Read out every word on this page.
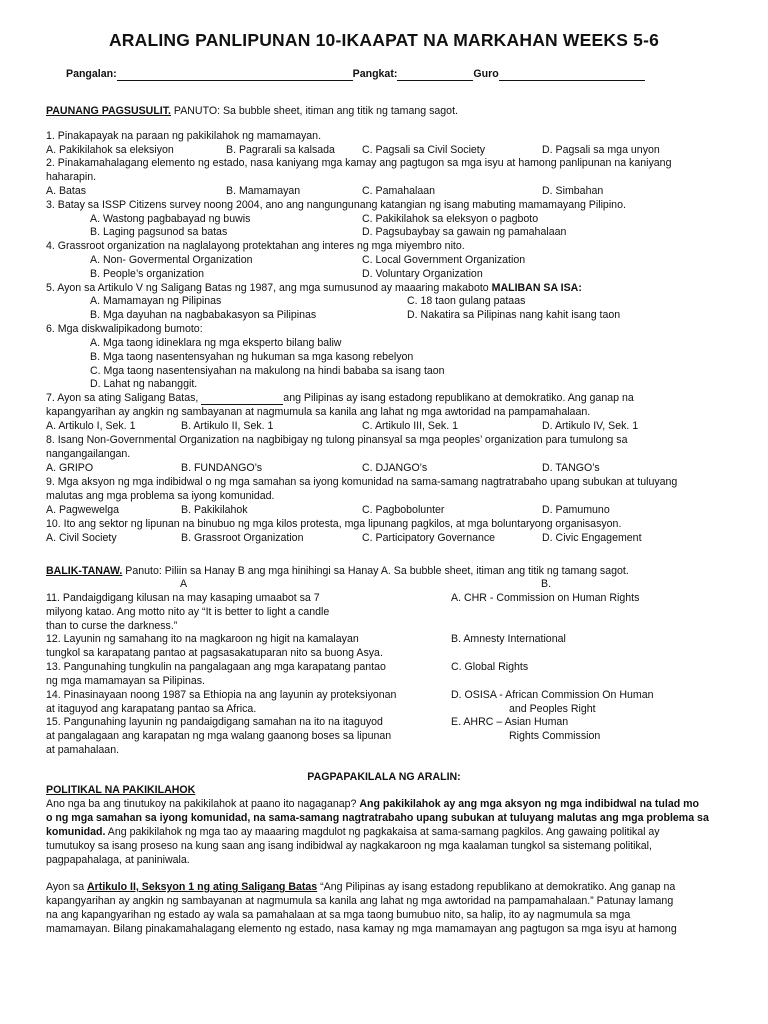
ARALING PANLIPUNAN 10-IKAAPAT NA MARKAHAN WEEKS 5-6
Pangalan:	Pangkat:	Guro
PAUNANG PAGSUSULIT. PANUTO: Sa bubble sheet, itiman ang titik ng tamang sagot.
1. Pinakapayak na paraan ng pakikilahok ng mamamayan.
A. Pakikilahok sa eleksiyon	B. Pagrarali sa kalsada	C. Pagsali sa Civil Society	D. Pagsali sa mga unyon
2. Pinakamahalagang elemento ng estado, nasa kaniyang mga kamay ang pagtugon sa mga isyu at hamong panlipunan na kaniyang
haharapin.
A. Batas	B. Mamamayan	C. Pamahalaan	D. Simbahan
3. Batay sa ISSP Citizens survey noong 2004, ano ang nangungunang katangian ng isang mabuting mamamayang Pilipino.
A. Wastong pagbabayad ng buwis	C. Pakikilahok sa eleksyon o pagboto
B. Laging pagsunod sa batas	D. Pagsubaybay sa gawain ng pamahalaan
4. Grassroot organization na naglalayong protektahan ang interes ng mga miyembro nito.
A. Non- Govermental Organization	C. Local Government Organization
B. People’s organization	D. Voluntary Organization
5. Ayon sa Artikulo V ng Saligang Batas ng 1987, ang mga sumusunod ay maaaring makaboto MALIBAN SA ISA:
A. Mamamayan ng Pilipinas	C. 18 taon gulang pataas
B. Mga dayuhan na nagbabakasyon sa Pilipinas	D. Nakatira sa Pilipinas nang kahit isang taon
6. Mga diskwalipikadong bumoto:
A. Mga taong idineklara ng mga eksperto bilang baliw
B. Mga taong nasentensyahan ng hukuman sa mga kasong rebelyon
C. Mga taong nasentensiyahan na makulong na hindi bababa sa isang taon
D. Lahat ng nabanggit.
7. Ayon sa ating Saligang Batas,	ang Pilipinas ay isang estadong republikano at demokratiko. Ang ganap na
kapangyarihan ay angkin ng sambayanan at nagmumula sa kanila ang lahat ng mga awtoridad na pampamahalaan.
A. Artikulo I, Sek. 1	B. Artikulo II, Sek. 1	C. Artikulo III, Sek. 1	D. Artikulo IV, Sek. 1
8. Isang Non-Governmental Organization na nagbibigay ng tulong pinansyal sa mga peoples’ organization para tumulong sa
nangangailangan.
A. GRIPO	B. FUNDANGO’s	C. DJANGO’s	D. TANGO’s
9. Mga aksyon ng mga indibidwal o ng mga samahan sa iyong komunidad na sama-samang nagtratrabaho upang subukan at tuluyang
malutas ang mga problema sa iyong komunidad.
A. Pagwewelga	B. Pakikilahok	C. Pagbobolunter	D. Pamumuno
10. Ito ang sektor ng lipunan na binubuo ng mga kilos protesta, mga lipunang pagkilos, at mga boluntaryong organisasyon.
A. Civil Society	B. Grassroot Organization	C. Participatory Governance	D. Civic Engagement
BALIK-TANAW. Panuto: Piliin sa Hanay B ang mga hinihingi sa Hanay A. Sa bubble sheet, itiman ang titik ng tamang sagot.
A	B.
11. Pandaigdigang kilusan na may kasaping umaabot sa 7
milyong katao. Ang motto nito ay “It is better to light a candle
than to curse the darkness.”
A. CHR - Commission on Human Rights
12. Layunin ng samahang ito na magkaroon ng higit na kamalayan
tungkol sa karapatang pantao at pagsasakatuparan nito sa buong Asya.
B. Amnesty International
13. Pangunahing tungkulin na pangalagaan ang mga karapatang pantao
ng mga mamamayan sa Pilipinas.
C. Global Rights
14. Pinasinayaan noong 1987 sa Ethiopia na ang layunin ay proteksiyonan
at itaguyod ang karapatang pantao sa Africa.
D. OSISA - African Commission On Human
and Peoples Right
15. Pangunahing layunin ng pandaigdigang samahan na ito na itaguyod
at pangalagaan ang karapatan ng mga walang gaanong boses sa lipunan
at pamahalaan.
E. AHRC – Asian Human
Rights Commission
PAGPAPAKILALA NG ARALIN:
POLITIKAL NA PAKIKILAHOK
Ano nga ba ang tinutukoy na pakikilahok at paano ito nagaganap? Ang pakikilahok ay ang mga aksyon ng mga indibidwal na tulad mo
o ng mga samahan sa iyong komunidad, na sama-samang nagtratrabaho upang subukan at tuluyang malutas ang mga problema sa
komunidad. Ang pakikilahok ng mga tao ay maaaring magdulot ng pagkakaisa at sama-samang pagkilos. Ang gawaing politikal ay
tumutukoy sa isang proseso na kung saan ang isang indibidwal ay nagkakaroon ng mga kaalaman tungkol sa sistemang politikal,
pagpapahalaga, at paniniwala.
Ayon sa Artikulo II, Seksyon 1 ng ating Saligang Batas “Ang Pilipinas ay isang estadong republikano at demokratiko. Ang ganap na
kapangyarihan ay angkin ng sambayanan at nagmumula sa kanila ang lahat ng mga awtoridad na pampamahalaan.” Patunay lamang
na ang kapangyarihan ng estado ay wala sa pamahalaan at sa mga taong bumubuo nito, sa halip, ito ay nagmumula sa mga
mamamayan. Bilang pinakamahalagang elemento ng estado, nasa kamay ng mga mamamayan ang pagtugon sa mga isyu at hamong
